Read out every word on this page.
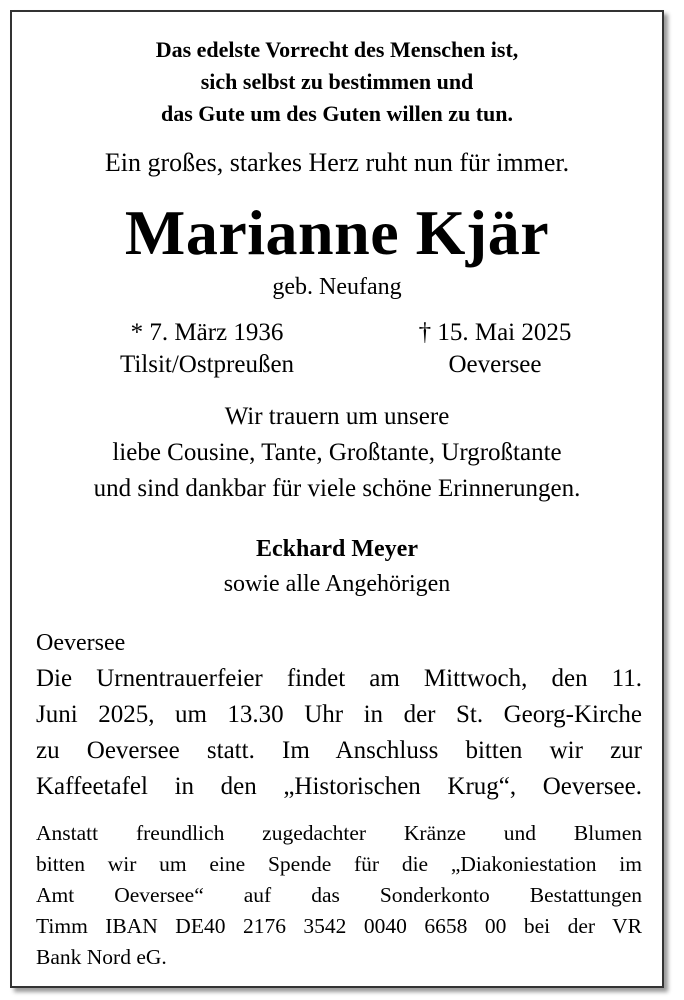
Das edelste Vorrecht des Menschen ist,
sich selbst zu bestimmen und
das Gute um des Guten willen zu tun.
Ein großes, starkes Herz ruht nun für immer.
Marianne Kjär
geb. Neufang
* 7. März 1936
Tilsit/Ostpreußen
† 15. Mai 2025
Oeversee
Wir trauern um unsere
liebe Cousine, Tante, Großtante, Urgroßtante
und sind dankbar für viele schöne Erinnerungen.
Eckhard Meyer
sowie alle Angehörigen
Oeversee
Die Urnentrauerfeier findet am Mittwoch, den 11.
Juni 2025, um 13.30 Uhr in der St. Georg-Kirche
zu Oeversee statt. Im Anschluss bitten wir zur
Kaffeetafel in den „Historischen Krug“, Oeversee.
Anstatt freundlich zugedachter Kränze und Blumen
bitten wir um eine Spende für die „Diakoniestation im
Amt Oeversee“ auf das Sonderkonto Bestattungen
Timm IBAN DE40 2176 3542 0040 6658 00 bei der VR
Bank Nord eG.
